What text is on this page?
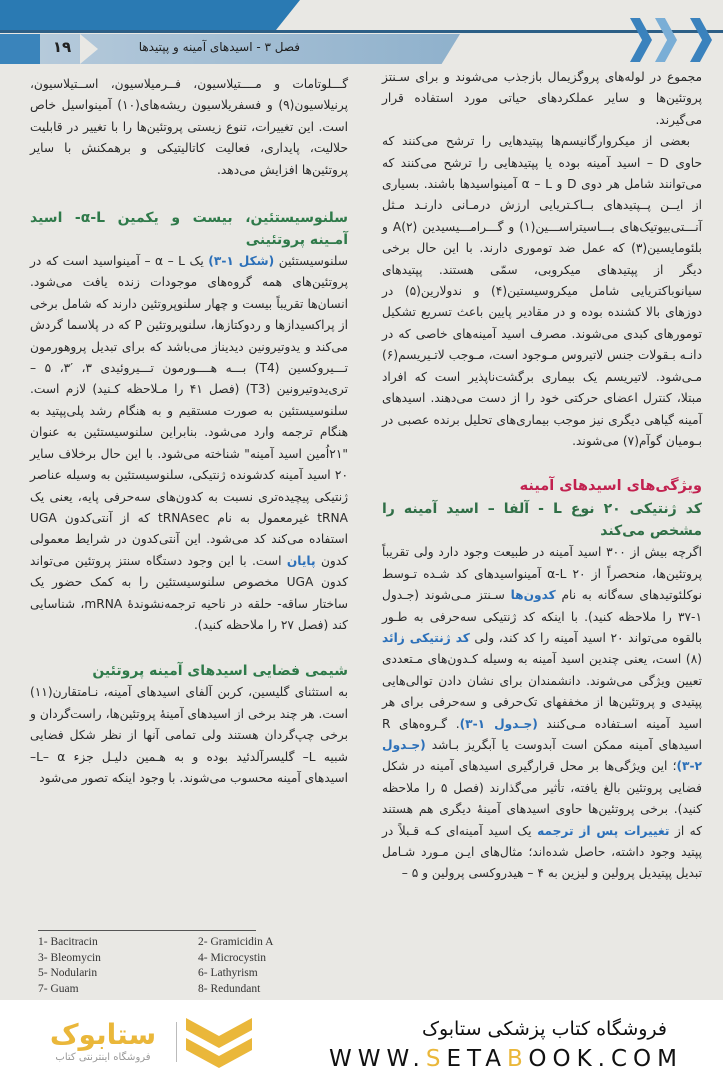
۱۹	فصل ۳ - اسیدهای آمینه و پپتیدها

گـــلوتامات و مــــتیلاسیون، فــرمیلاسیون، اســتیلاسیون، پرنیلاسیون(۹) و فسفریلاسیون ریشه‌های(۱۰) آمینواسیل خاص است. این تغییرات، تنوع زیستی پروتئین‌ها را با تغییر در قابلیت حلالیت، پایداری، فعالیت کاتالیتیکی و برهمکنش با سایر پروتئین‌ها افزایش می‌دهد.

سلنوسیستئین، بیست و یکمین α-L- اسید آمـینه پروتئینی

سلنوسیستئین (شکل ۱-۳) یک α – L – آمینواسید است که در پروتئین‌های همه گروه‌های موجودات زنده یافت می‌شود. انسان‌ها تقریباً بیست و چهار سلنوپروتئین دارند که شامل برخی از پراکسیدازها و ردوکتازها، سلنوپروتئین P که در پلاسما گردش می‌کند و یدوتیرونین دیدیناز می‌باشد که برای تبدیل پروهورمون تـــیروکسین (T4) بـــه هــــورمون تـــیروئیدی ۳، ′۳، ۵ – تری‌یدوتیرونین (T3) (فصل ۴۱ را مـلاحظه کـنید) لازم است. سلنوسیستئین به صورت مستقیم و به هنگام رشد پلی‌پپتید به هنگام ترجمه وارد می‌شود. بنابراین سلنوسیستئین به عنوان "۲۱اُمین اسید آمینه" شناخته می‌شود. با این حال برخلاف سایر ۲۰ اسید آمینه کدشونده ژنتیکی، سلنوسیستئین به وسیله عناصر ژنتیکی پیچیده‌تری نسبت به کدون‌های سه‌حرفی پایه، یعنی یک tRNA غیرمعمول به نام tRNAsec که از آنتی‌کدون UGA استفاده می‌کند کد می‌شود. این آنتی‌کدون در شرایط معمولی کدون پایان است. با این وجود دستگاه سنتز پروتئین می‌تواند کدون UGA مخصوص سلنوسیستئین را به کمک حضور یک ساختار ساقه- حلقه در ناحیه ترجمه‌نشوندهٔ mRNA، شناسایی کند (فصل ۲۷ را ملاحظه کنید).

شیمی فضایی اسیدهای آمینه پروتئین

به استثنای گلیسین، کربن آلفای اسیدهای آمینه، نـامتقارن(۱۱) است. هر چند برخی از اسیدهای آمینهٔ پروتئین‌ها، راست‌گردان و برخی چپ‌گردان هستند ولی تمامی آنها از نظر شکل فضایی شبیه L– گلیسرآلدئید بوده و به هـمین دلیـل جزء L– α– اسیدهای آمینه محسوب می‌شوند. با وجود اینکه تصور می‌شود

مجموع در لوله‌های پروگزیمال بازجذب می‌شوند و برای سـنتز پروتئین‌ها و سایر عملکردهای حیاتی مورد استفاده قرار می‌گیرند.

بعضی از میکروارگانیسم‌ها پپتیدهایی را ترشح می‌کنند که حاوی D – اسید آمینه بوده یا پپتیدهایی را ترشح می‌کنند که می‌توانند شامل هر دوی D و α – L آمینواسیدها باشند. بسیاری از ایــن پــپتیدهای بــاکـتریایی ارزش درمـانی دارنـد مـثل آنـــتی‌بیوتیک‌های بـــاسیتراســـین(۱) و گـــرامـــیسیدین A(۲) و بلئومایسین(۳) که عمل ضد توموری دارند. با این حال برخی دیگر از پپتیدهای میکروبی، سمّی هستند. پپتیدهای سیانوباکتریایی شامل میکروسیستین(۴) و ندولارین(۵) در دوزهای بالا کشنده بوده و در مقادیر پایین باعث تسریع تشکیل تومورهای کبدی می‌شوند. مصرف اسید آمینه‌های خاصی که در دانـه بـقولات جنس لاتیروس مـوجود است، مـوجب لاتـیریسم(۶) مـی‌شود. لاتیریسم یک بیماری برگشت‌ناپذیر است که افراد مبتلا، کنترل اعضای حرکتی خود را از دست می‌دهند. اسیدهای آمینه گیاهی دیگری نیز موجب بیماری‌های تحلیل برنده عصبی در بـومیان گوآم(۷) می‌شوند.

ویژگی‌های اسیدهای آمینه

کد ژنتیکی ۲۰ نوع L - آلفا – اسید آمینه را مشخص می‌کند

اگرچه بیش از ۳۰۰ اسید آمینه در طبیعت وجود دارد ولی تقریباً پروتئین‌ها، منحصراً از ۲۰ α-L آمینواسیدهای کد شـده تـوسط نوکلئوتیدهای سه‌گانه به نام کدون‌ها سـنتز مـی‌شوند (جـدول ۱-۳۷ را ملاحظه کنید). با اینکه کد ژنتیکی سه‌حرفی به طـور بالقوه می‌تواند ۲۰ اسید آمینه را کد کند، ولی کد ژنتیکی زائد (۸) است، یعنی چندین اسید آمینه به وسیله کـدون‌های مـتعددی تعیین ویژگی می‌شوند. دانشمندان برای نشان دادن توالی‌هایی پپتیدی و پروتئین‌ها از مخففهای تک‌حرفی و سه‌حرفی برای هر اسید آمینه اسـتفاده مـی‌کنند (جـدول ۱-۳). گـروه‌های R اسیدهای آمینه ممکن است آبدوست یا آبگریز بـاشد (جـدول ۲-۳)؛ این ویژگی‌ها بر محل قرارگیری اسیدهای آمینه در شکل فضایی پروتئین بالغ یافته، تأثیر می‌گذارند (فصل ۵ را ملاحظه کنید). برخی پروتئین‌ها حاوی اسیدهای آمینهٔ دیگری هم هستند که از تغییرات پس از ترجمه یک اسید آمینه‌ای کـه قـبلاً در پپتید وجود داشته، حاصل شده‌اند؛ مثال‌های ایـن مـورد شـامل تبدیل پپتیدیل پرولین و لیزین به ۴ – هیدروکسی پرولین و ۵ –

1- Bacitracin	2- Gramicidin A
3- Bleomycin	4- Microcystin
5- Nodularin	6- Lathyrism
7- Guam	8- Redundant
ستابوک
فروشگاه اینترنتی کتاب
فروشگاه کتاب پزشکی ستابوک
WWW.SETABOOK.COM
